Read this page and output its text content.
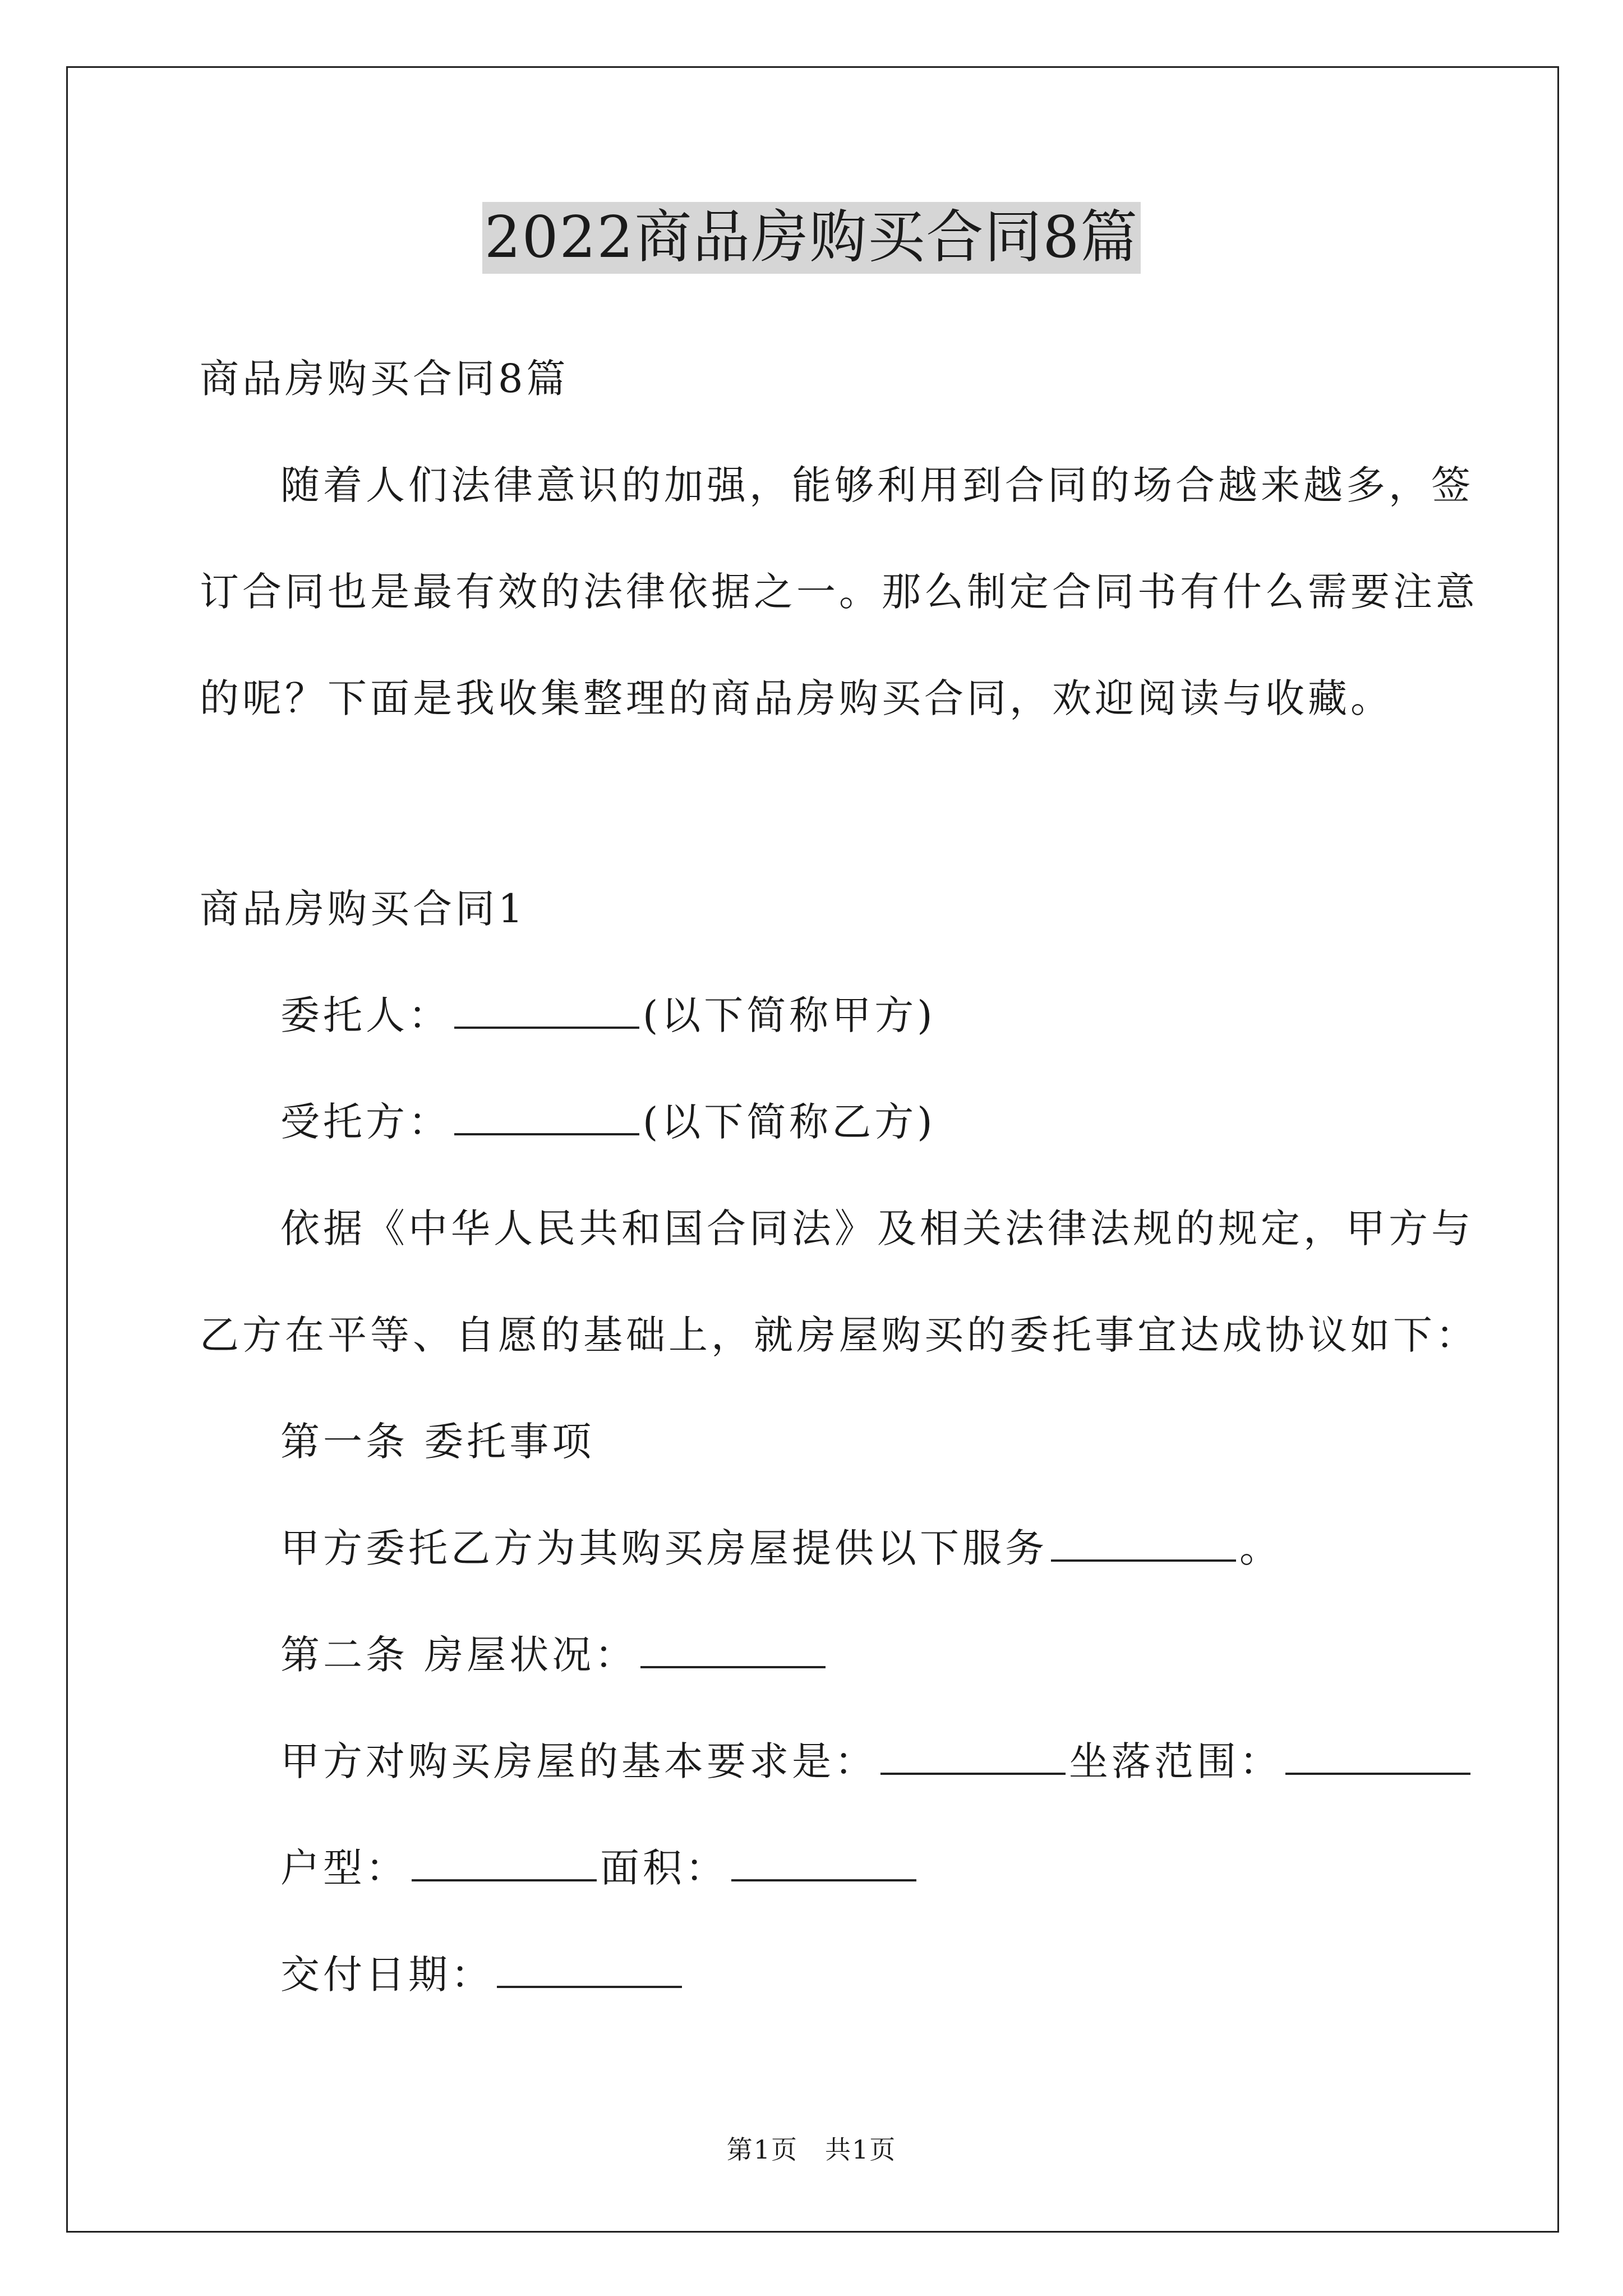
2022商品房购买合同8篇
商品房购买合同8篇
随着人们法律意识的加强，能够利用到合同的场合越来越多，签
订合同也是最有效的法律依据之一。那么制定合同书有什么需要注意
的呢？下面是我收集整理的商品房购买合同，欢迎阅读与收藏。
商品房购买合同1
委托人：	(以下简称甲方)
受托方：	(以下简称乙方)
依据《中华人民共和国合同法》及相关法律法规的规定，甲方与
乙方在平等、自愿的基础上，就房屋购买的委托事宜达成协议如下：
第一条 委托事项
甲方委托乙方为其购买房屋提供以下服务	。
第二条 房屋状况：
甲方对购买房屋的基本要求是：	坐落范围：
户型：	面积：
交付日期：
第1页　共1页
